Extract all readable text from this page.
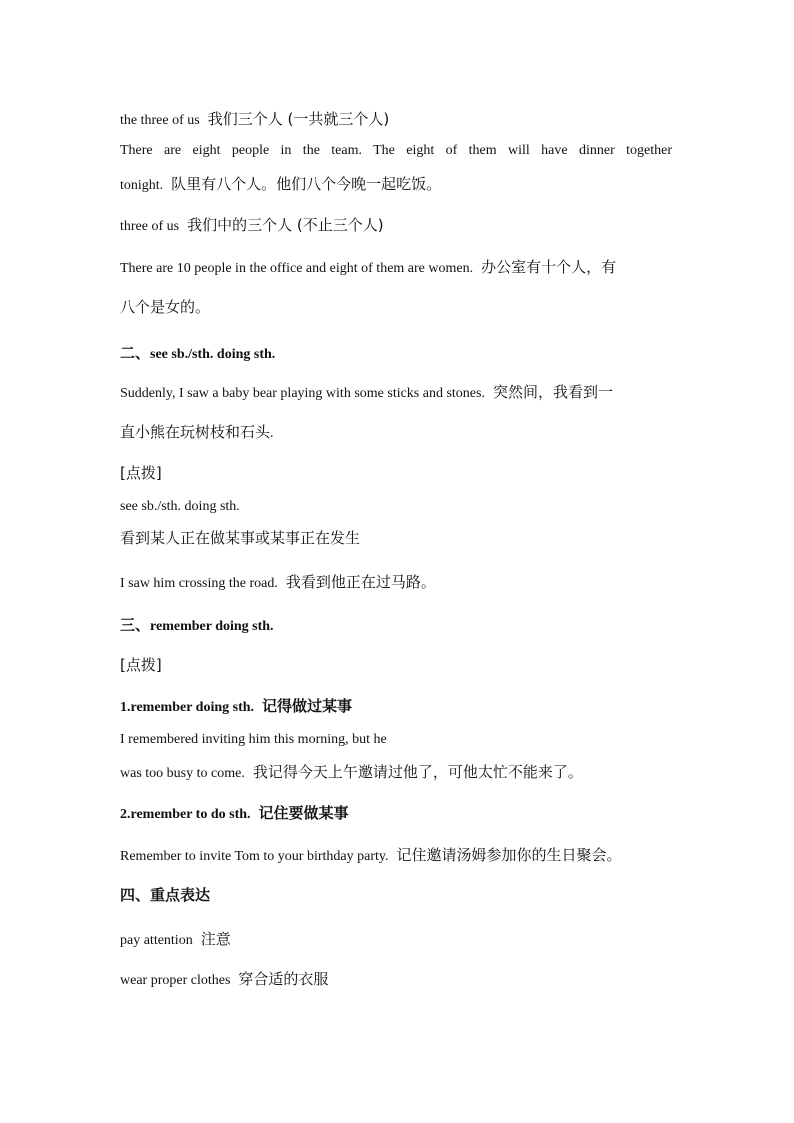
the three of us 我们三个人 (一共就三个人)
There are eight people in the team. The eight of them will have dinner together
tonight. 队里有八个人。他们八个今晚一起吃饭。
three of us 我们中的三个人 (不止三个人)
There are 10 people in the office and eight of them are women. 办公室有十个人，有
八个是女的。
二、see sb./sth. doing sth.
Suddenly, I saw a baby bear playing with some sticks and stones. 突然间，我看到一
直小熊在玩树枝和石头.
[点拨]
see sb./sth. doing sth.
看到某人正在做某事或某事正在发生
I saw him crossing the road. 我看到他正在过马路。
三、remember doing sth.
[点拨]
1.remember doing sth. 记得做过某事
I remembered inviting him this morning, but he
was too busy to come. 我记得今天上午邀请过他了，可他太忙不能来了。
2.remember to do sth. 记住要做某事
Remember to invite Tom to your birthday party. 记住邀请汤姆参加你的生日聚会。
四、重点表达
pay attention 注意
wear proper clothes 穿合适的衣服
